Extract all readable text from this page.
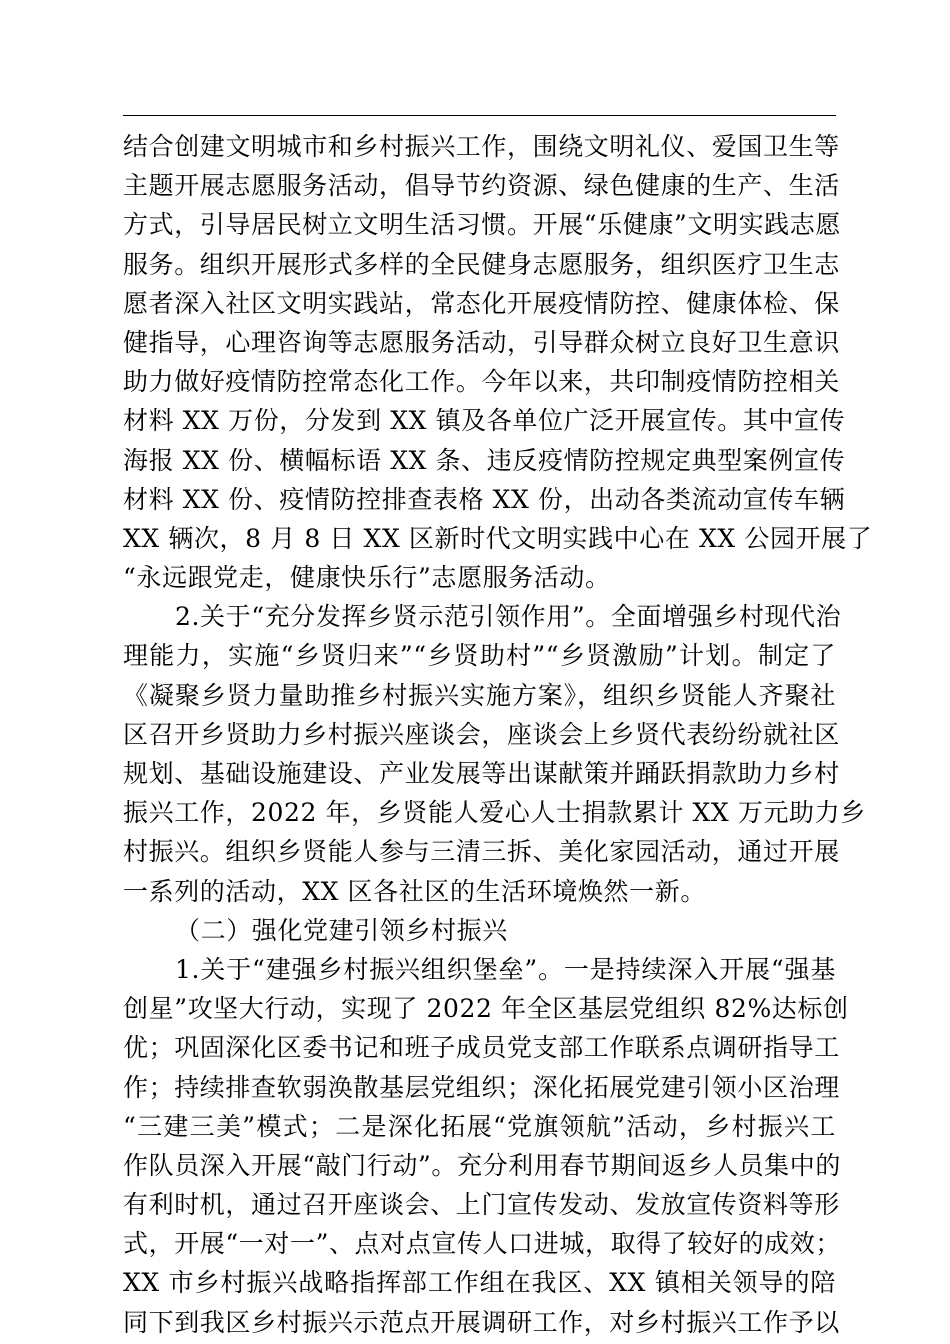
结合创建文明城市和乡村振兴工作，围绕文明礼仪、爱国卫生等
主题开展志愿服务活动，倡导节约资源、绿色健康的生产、生活
方式，引导居民树立文明生活习惯。开展“乐健康”文明实践志愿
服务。组织开展形式多样的全民健身志愿服务，组织医疗卫生志
愿者深入社区文明实践站，常态化开展疫情防控、健康体检、保
健指导，心理咨询等志愿服务活动，引导群众树立良好卫生意识
助力做好疫情防控常态化工作。今年以来，共印制疫情防控相关
材料 XX 万份，分发到 XX 镇及各单位广泛开展宣传。其中宣传
海报 XX 份、横幅标语 XX 条、违反疫情防控规定典型案例宣传
材料 XX 份、疫情防控排查表格 XX 份，出动各类流动宣传车辆
XX 辆次，8 月 8 日 XX 区新时代文明实践中心在 XX 公园开展了
“永远跟党走，健康快乐行”志愿服务活动。
2.关于“充分发挥乡贤示范引领作用”。全面增强乡村现代治
理能力，实施“乡贤归来”“乡贤助村”“乡贤激励”计划。制定了
《凝聚乡贤力量助推乡村振兴实施方案》，组织乡贤能人齐聚社
区召开乡贤助力乡村振兴座谈会，座谈会上乡贤代表纷纷就社区
规划、基础设施建设、产业发展等出谋献策并踊跃捐款助力乡村
振兴工作，2022 年，乡贤能人爱心人士捐款累计 XX 万元助力乡
村振兴。组织乡贤能人参与三清三拆、美化家园活动，通过开展
一系列的活动，XX 区各社区的生活环境焕然一新。
（二）强化党建引领乡村振兴
1.关于“建强乡村振兴组织堡垒”。一是持续深入开展“强基
创星”攻坚大行动，实现了 2022 年全区基层党组织 82%达标创
优；巩固深化区委书记和班子成员党支部工作联系点调研指导工
作；持续排查软弱涣散基层党组织；深化拓展党建引领小区治理
“三建三美”模式；二是深化拓展“党旗领航”活动，乡村振兴工
作队员深入开展“敲门行动”。充分利用春节期间返乡人员集中的
有利时机，通过召开座谈会、上门宣传发动、发放宣传资料等形
式，开展“一对一”、点对点宣传人口进城，取得了较好的成效；
XX 市乡村振兴战略指挥部工作组在我区、XX 镇相关领导的陪
同下到我区乡村振兴示范点开展调研工作，对乡村振兴工作予以
